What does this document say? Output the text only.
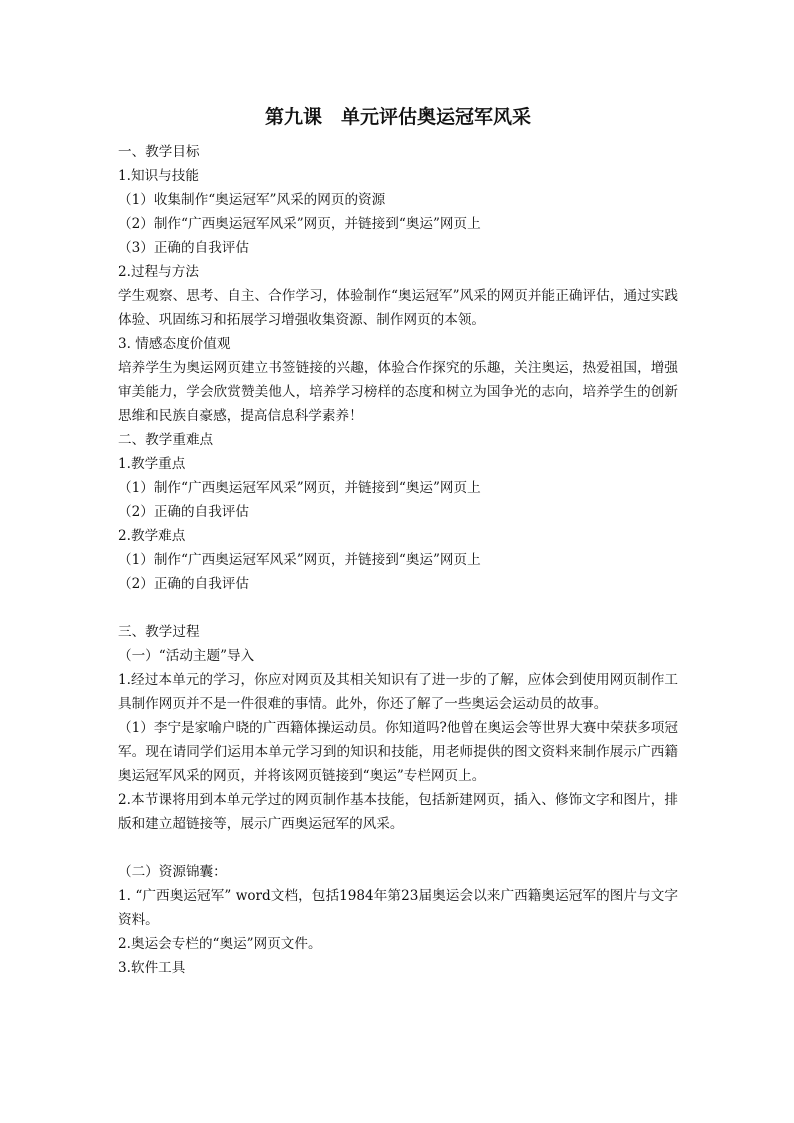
第九课　单元评估奥运冠军风采
一、教学目标
1.知识与技能
（1）收集制作“奥运冠军”风采的网页的资源
（2）制作“广西奥运冠军风采”网页，并链接到“奥运”网页上
（3）正确的自我评估
2.过程与方法
学生观察、思考、自主、合作学习，体验制作“奥运冠军”风采的网页并能正确评估，通过实践体验、巩固练习和拓展学习增强收集资源、制作网页的本领。
3. 情感态度价值观
培养学生为奥运网页建立书签链接的兴趣，体验合作探究的乐趣，关注奥运，热爱祖国，增强审美能力，学会欣赏赞美他人，培养学习榜样的态度和树立为国争光的志向，培养学生的创新思维和民族自豪感，提高信息科学素养！
二、教学重难点
1.教学重点
（1）制作“广西奥运冠军风采”网页，并链接到“奥运”网页上
（2）正确的自我评估
2.教学难点
（1）制作“广西奥运冠军风采”网页，并链接到“奥运”网页上
（2）正确的自我评估
三、教学过程
（一）“活动主题”导入
1.经过本单元的学习，你应对网页及其相关知识有了进一步的了解，应体会到使用网页制作工具制作网页并不是一件很难的事情。此外，你还了解了一些奥运会运动员的故事。
（1）李宁是家喻户晓的广西籍体操运动员。你知道吗?他曾在奥运会等世界大赛中荣获多项冠军。现在请同学们运用本单元学习到的知识和技能，用老师提供的图文资料来制作展示广西籍奥运冠军风采的网页，并将该网页链接到“奥运”专栏网页上。
2.本节课将用到本单元学过的网页制作基本技能，包括新建网页，插入、修饰文字和图片，排版和建立超链接等，展示广西奥运冠军的风采。
（二）资源锦囊：
1. “广西奥运冠军” word文档，包括1984年第23届奥运会以来广西籍奥运冠军的图片与文字资料。
2.奥运会专栏的“奥运”网页文件。
3.软件工具
